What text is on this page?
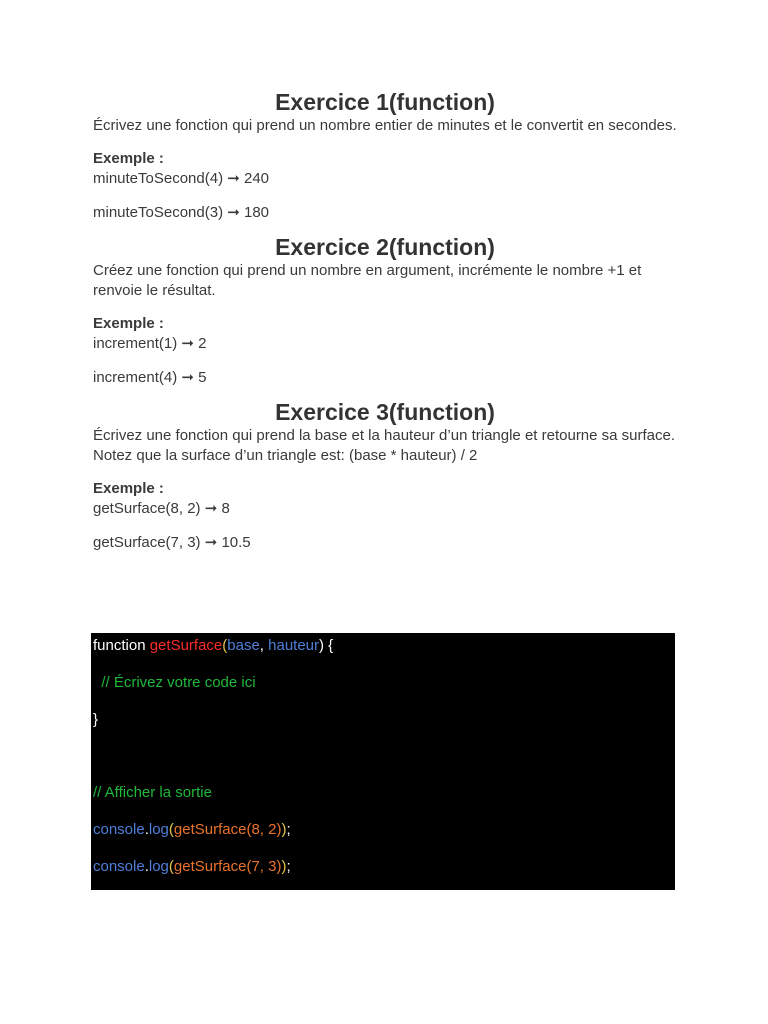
Exercice 1(function)

Écrivez une fonction qui prend un nombre entier de minutes et le convertit en secondes.

Exemple :

minuteToSecond(4) ➞ 240

minuteToSecond(3) ➞ 180

Exercice 2(function)

Créez une fonction qui prend un nombre en argument, incrémente le nombre +1 et renvoie le résultat.

Exemple :

increment(1) ➞ 2

increment(4) ➞ 5

Exercice 3(function)

Écrivez une fonction qui prend la base et la hauteur d’un triangle et retourne sa surface. Notez que la surface d’un triangle est: (base * hauteur) / 2

Exemple :

getSurface(8, 2) ➞ 8

getSurface(7, 3) ➞ 10.5

function getSurface(base, hauteur) {
// Écrivez votre code ici
}
// Afficher la sortie
console.log(getSurface(8, 2));
console.log(getSurface(7, 3));
